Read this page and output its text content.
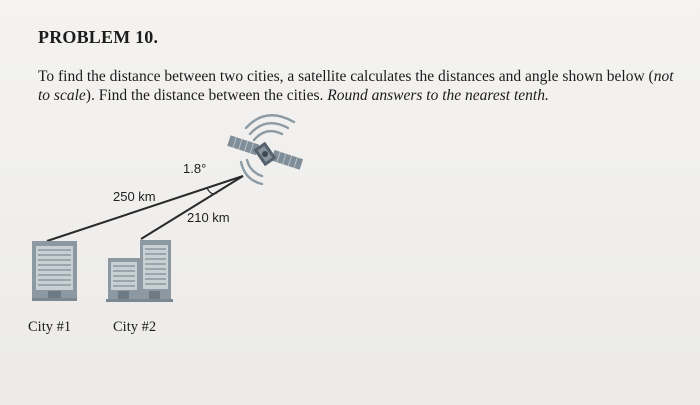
PROBLEM 10.
To find the distance between two cities, a satellite calculates the distances and angle shown below (not to scale). Find the distance between the cities. Round answers to the nearest tenth.
1.8°
250 km
210 km
City #1	City #2
